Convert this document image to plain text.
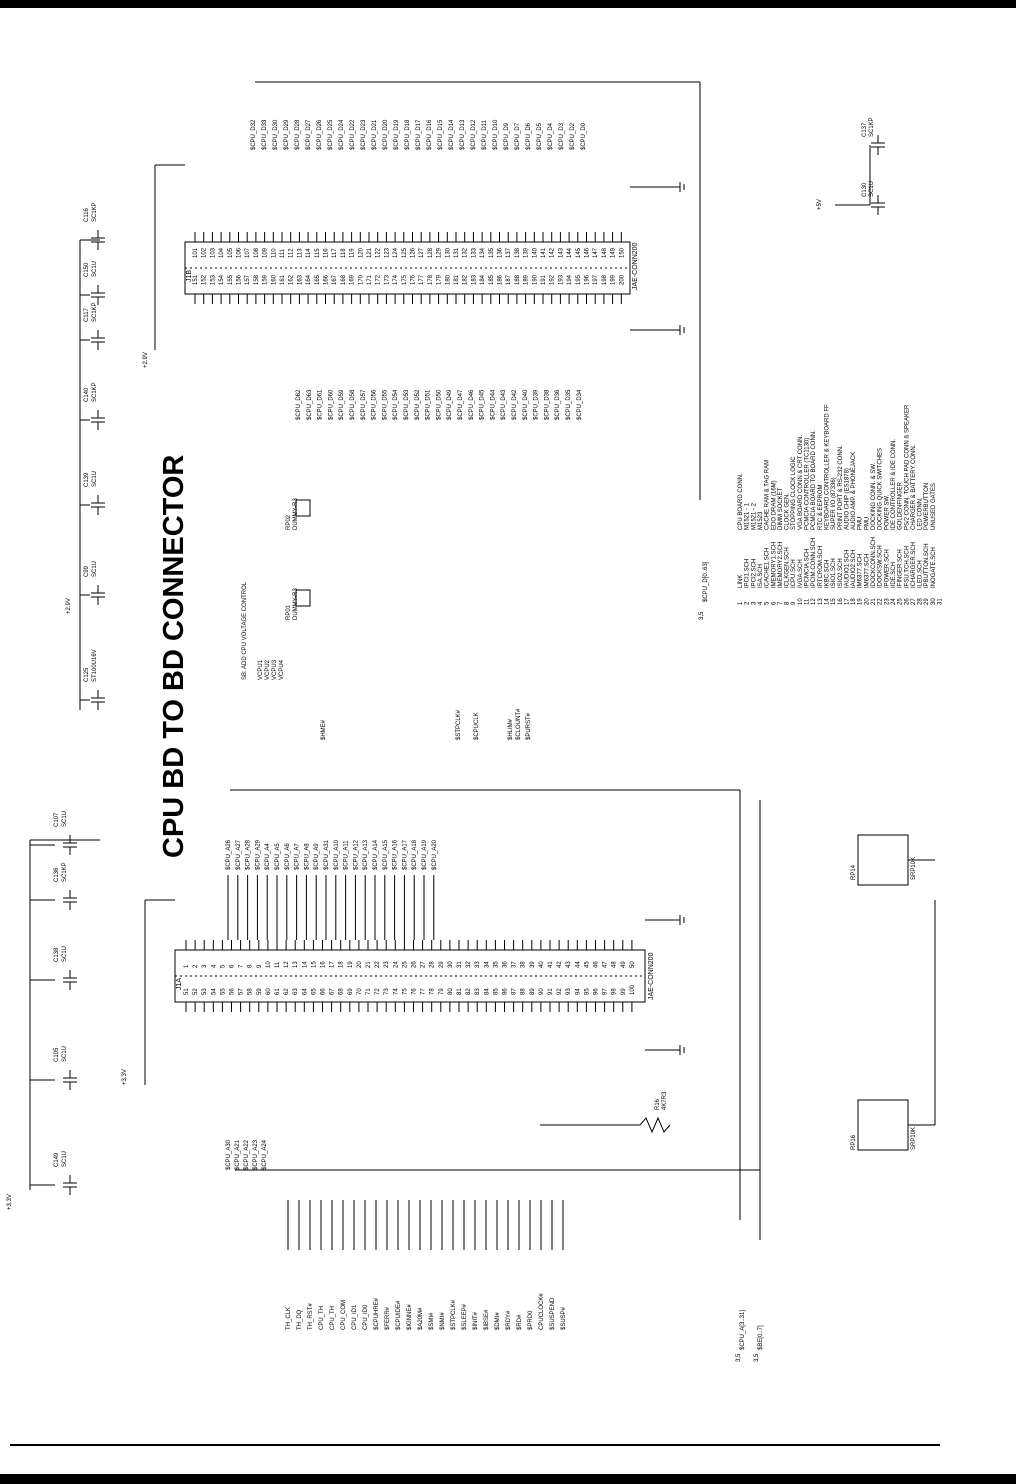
1
51
2
52
3
53
4
54
5
55
6
56
7
57
8
58
9
59
10
60
11
61
12
62
13
63
14
64
15
65
16
66
17
67
18
68
19
69
20
70
21
71
22
72
23
73
24
74
25
75
26
76
27
77
28
78
29
79
30
80
31
81
32
82
33
83
34
84
35
85
36
86
37
87
38
88
39
89
40
90
41
91
42
92
43
93
44
94
45
95
46
96
47
97
48
98
49
99
50
100
101
151
102
152
103
153
104
154
105
155
106
156
107
157
108
158
109
159
110
160
111
161
112
162
113
163
114
164
115
165
116
166
117
167
118
168
119
169
120
170
121
171
122
172
123
173
124
174
125
175
126
176
127
177
128
178
129
179
130
180
131
181
132
182
133
183
134
184
135
185
136
186
137
187
138
188
139
189
140
190
141
191
142
192
143
193
144
194
145
195
146
196
147
197
148
198
149
199
150
200
$CPU_A26 $CPU_A27 $CPU_A28 $CPU_A29 $CPU_A4 $CPU_A5 $CPU_A6 $CPU_A7 $CPU_A8 $CPU_A9 $CPU_A31 $CPU_A10 $CPU_A11 $CPU_A12 $CPU_A13 $CPU_A14 $CPU_A15 $CPU_A16 $CPU_A17 $CPU_A18 $CPU_A19 $CPU_A20
$CPU_A30 $CPU_A21 $CPU_A22 $CPU_A23 $CPU_A24
$HME#	$STPCLK# $CPUCLK	$HLIM# $CLOUNT# $PURST#
$CPU_D32 $CPU_D33 $CPU_D30 $CPU_D29 $CPU_D28 $CPU_D27 $CPU_D26 $CPU_D25 $CPU_D24 $CPU_D22 $CPU_D23 $CPU_D21 $CPU_D20 $CPU_D19 $CPU_D18 $CPU_D17 $CPU_D16 $CPU_D15 $CPU_D14 $CPU_D13 $CPU_D12 $CPU_D11 $CPU_D10 $CPU_D9 $CPU_D7 $CPU_D6 $CPU_D5 $CPU_D4 $CPU_D3 $CPU_D2 $CPU_D0
$CPU_D62 $CPU_D63 $CPU_D61 $CPU_D60 $CPU_D59 $CPU_D58 $CPU_D57 $CPU_D56 $CPU_D55 $CPU_D54 $CPU_D53 $CPU_D52 $CPU_D51 $CPU_D50 $CPU_D49 $CPU_D47 $CPU_D46 $CPU_D45 $CPU_D44 $CPU_D43 $CPU_D42 $CPU_D40 $CPU_D39 $CPU_D38 $CPU_D36 $CPU_D35 $CPU_D34
TH_CLK TH_DQ TH_RST# CPU_TH CPU_TH CPU_COM CPU_ID1 CPU_ID0 $CPUHRE# $FERR# $CPUIDE# $IGNNE# $A20M# $SMI# $NMI# $STPCLK# $SLEEP# $INIT# $IBSE# $DMI# $RDY# $RD# $PRD0 CPUCLOCK# $SUSPEND $SUSP#
VCPU1 VCPU2 VCPU3 VCPU4
RP01 DUMMY-R3
RP02 DUMMY-R3
RP16	SRP10K
RP14	SRP10K
C149 SC1U
C105 SC1U
C138 SC1U
C136 SC1KP
C107 SC1U
C125 ST100U16V
C99 SC1U
C139 SC1U
C140 SC1KP
C117 SC1KP
C150 SC1U
C116 SC1KP
C130 SC1U
C137 SC1KP
1
LINK
CPU BOARD CONN.
2
IPCI1.SCH
M1521 - 1
3
IPCI2.SCH
M1521 - 2
4
ISA.SCH
M1523
5
ICACHE1.SCH
CACHE RAM & TAG RAM
6
IMEMORY1.SCH
EDO DRAM (16M)
7
IMEMORY2.SCH
DIMM SOCKET
8
ICLKGEN.SCH
CLOCK GEN.
9
ICPU.SCH
STOPPING CLOCK LOGIC
10
IVGA.SCH
VGA BOARD CONN & CRT CONN.
11
IPCMCIA.SCH
PCMCIA CONTROLLER (TC1130)
12
IPCIM.CONN.SCH
PCMCIA BOARD TO BOARD CONN.
13
IRTCROM.SCH
RTC & EEPROM
14
IKBC.SCH
KEYBOARD CONTROLLER & KEYBOARD FF
15
ISIO1.SCH
SUPER I/O (87336)
16
ISIO2.SCH
PRINT PORT & RS-232 CONN.
17
IAUDIO1.SCH
AUDIO CHIP (ES1878)
18
IAUDIO2.SCH
AUDIO AMP. & PHONEJACK
19
IM6377.SCH
PMU
20
IM6377.SCH
PMU
21
IDOCKCONN.SCH
DOCKING CONN. & SW.
22
IDOCKSW.SCH
DOCKING QUICK SWITCHES
23
IPOWER.SCH
POWER SW.
24
IIDE.SCH
IDE CONTROLLER & IDE CONN.
25
IFINGER.SCH
GOLDENFINGER
26
IFSU.TCH.SCH
PS/2 CONN. TOUCH PAD CONN & SPEAKER
27
ICHARGER.SCH
CHARGER & BATTERY CONN.
28
ILED.SCH
LED CONN.
29
IPBUTTON.SCH
POWERBUTTON
30
INOGATE.SCH
UNUSED GATES
31
3,5 3,5
3,5
CPU BD TO BD CONNECTOR
J1A	JAE-CONN200
J1B	JAE-CONN200
SB: ADD CPU VOLTAGE CONTROL
+3.3V
+2.9V
+3.3V
+2.9V
+5V
$CPU_A[3..31] $BE[0..7]
$CPU_D[0..63]
R16 4K7R3
